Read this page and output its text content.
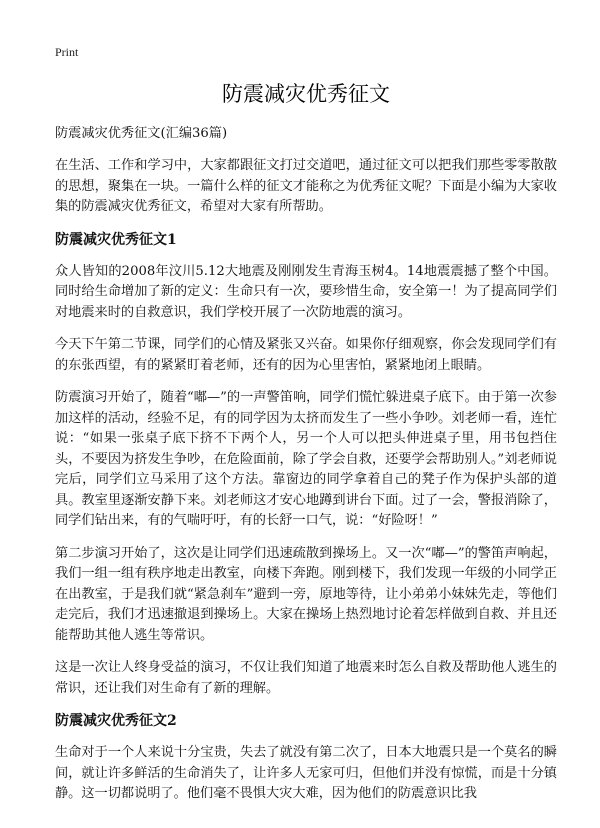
Print
防震减灾优秀征文
防震减灾优秀征文(汇编36篇)

在生活、工作和学习中，大家都跟征文打过交道吧，通过征文可以把我们那些零零散散的思想，聚集在一块。一篇什么样的征文才能称之为优秀征文呢？下面是小编为大家收集的防震减灾优秀征文，希望对大家有所帮助。

防震减灾优秀征文1

众人皆知的2008年汶川5.12大地震及刚刚发生青海玉树4。14地震震撼了整个中国。同时给生命增加了新的定义：生命只有一次，要珍惜生命，安全第一！为了提高同学们对地震来时的自救意识，我们学校开展了一次防地震的演习。

今天下午第二节课，同学们的心情及紧张又兴奋。如果你仔细观察，你会发现同学们有的东张西望，有的紧紧盯着老师，还有的因为心里害怕，紧紧地闭上眼睛。

防震演习开始了，随着“嘟—”的一声警笛响，同学们慌忙躲进桌子底下。由于第一次参加这样的活动，经验不足，有的同学因为太挤而发生了一些小争吵。刘老师一看，连忙说：“如果一张桌子底下挤不下两个人，另一个人可以把头伸进桌子里，用书包挡住头，不要因为挤发生争吵，在危险面前，除了学会自救，还要学会帮助别人。”刘老师说完后，同学们立马采用了这个方法。靠窗边的同学拿着自己的凳子作为保护头部的道具。教室里逐渐安静下来。刘老师这才安心地蹲到讲台下面。过了一会，警报消除了，同学们钻出来，有的气喘吁吁，有的长舒一口气，说：“好险呀！”

第二步演习开始了，这次是让同学们迅速疏散到操场上。又一次“嘟—”的警笛声响起，我们一组一组有秩序地走出教室，向楼下奔跑。刚到楼下，我们发现一年级的小同学正在出教室，于是我们就“紧急刹车”避到一旁，原地等待，让小弟弟小妹妹先走，等他们走完后，我们才迅速撤退到操场上。大家在操场上热烈地讨论着怎样做到自救、并且还能帮助其他人逃生等常识。

这是一次让人终身受益的演习，不仅让我们知道了地震来时怎么自救及帮助他人逃生的常识，还让我们对生命有了新的理解。

防震减灾优秀征文2

生命对于一个人来说十分宝贵，失去了就没有第二次了，日本大地震只是一个莫名的瞬间，就让许多鲜活的生命消失了，让许多人无家可归，但他们并没有惊慌，而是十分镇静。这一切都说明了。他们毫不畏惧大灾大难，因为他们的防震意识比我
